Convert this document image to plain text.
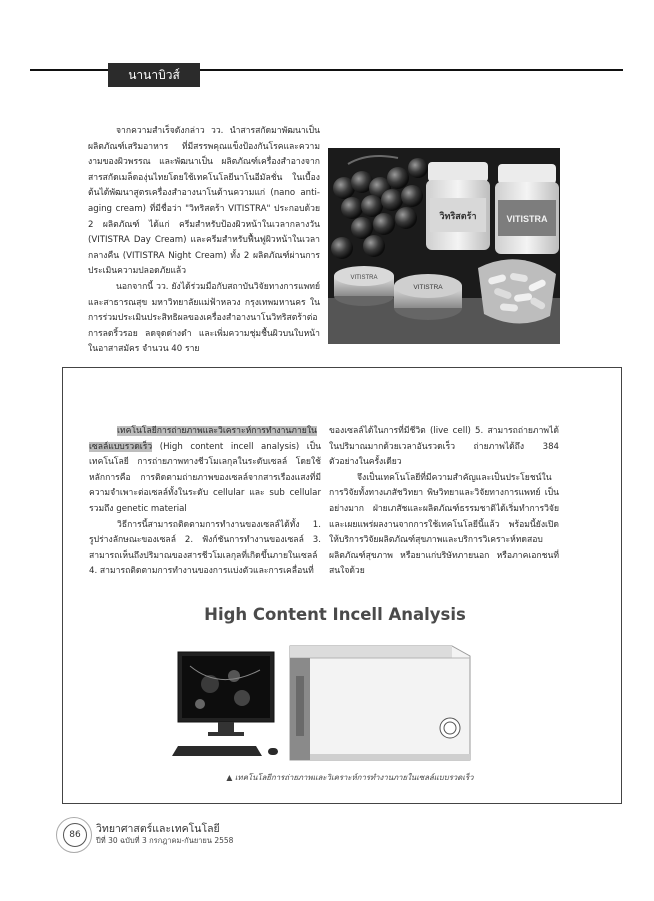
นานาบิวส์

จากความสำเร็จดังกล่าว วว. นำสารสกัดมาพัฒนาเป็นผลิตภัณฑ์เสริมอาหาร ที่มีสรรพคุณแข็งป้องกันโรคและความงามของผิวพรรณ และพัฒนาเป็น ผลิตภัณฑ์เครื่องสำอางจากสารสกัดเมล็ดองุ่นไทยโดยใช้เทคโนโลยีนาโนอีมัลชั่น ในเบื้องต้นได้พัฒนาสูตรเครื่องสำอางนาโนต้านความแก่ (nano anti-aging cream) ที่มีชื่อว่า "วิทริสตร้า VITISTRA" ประกอบด้วย 2 ผลิตภัณฑ์ ได้แก่ ครีมสำหรับป้องผิวหน้าในเวลากลางวัน (VITISTRA Day Cream) และครีมสำหรับฟื้นฟูผิวหน้าในเวลากลางคืน (VITISTRA Night Cream) ทั้ง 2 ผลิตภัณฑ์ผ่านการประเมินความปลอดภัยแล้ว

นอกจากนี้ วว. ยังได้ร่วมมือกับสถาบันวิจัยทางการแพทย์และสาธารณสุข มหาวิทยาลัยแม่ฟ้าหลวง กรุงเทพมหานคร ในการร่วมประเมินประสิทธิผลของเครื่องสำอางนาโนวิทริสตร้าต่อการลดริ้วรอย ลดจุดด่างดำ และเพิ่มความชุ่มชื้นผิวบนใบหน้าในอาสาสมัคร จำนวน 40 ราย

วิทริสตร้า	VITISTRA
VITISTRA
VITISTRA

เทคโนโลยีการถ่ายภาพและวิเคราะห์การทำงานภายในเซลล์แบบรวดเร็ว (High content incell analysis) เป็นเทคโนโลยี การถ่ายภาพทางชีวโมเลกุลในระดับเซลล์ โดยใช้หลักการคือ การติดตามถ่ายภาพของเซลล์จากสารเรืองแสงที่มีความจำเพาะต่อเซลล์ทั้งในระดับ cellular และ sub cellular รวมถึง genetic material

วิธีการนี้สามารถติดตามการทำงานของเซลล์ได้ทั้ง 1. รูปร่างลักษณะของเซลล์ 2. ฟังก์ชันการทำงานของเซลล์ 3. สามารถเห็นถึงปริมาณของสารชีวโมเลกุลที่เกิดขึ้นภายในเซลล์ 4. สามารถติดตามการทำงานของการแบ่งตัวและการเคลื่อนที่

ของเซลล์ได้ในการที่มีชีวิต (live cell) 5. สามารถถ่ายภาพได้ในปริมาณมากด้วยเวลาอันรวดเร็ว ถ่ายภาพได้ถึง 384 ตัวอย่างในครั้งเดียว

จึงเป็นเทคโนโลยีที่มีความสำคัญและเป็นประโยชน์ในการวิจัยทั้งทางเภสัชวิทยา พิษวิทยาและวิจัยทางการแพทย์ เป็นอย่างมาก ฝ่ายเภสัชและผลิตภัณฑ์ธรรมชาติได้เริ่มทำการวิจัยและเผยแพร่ผลงานจากการใช้เทคโนโลยีนี้แล้ว พร้อมนี้ยังเปิดให้บริการวิจัยผลิตภัณฑ์สุขภาพและบริการวิเคราะห์ทดสอบผลิตภัณฑ์สุขภาพ หรือยาแก่บริษัทภายนอก หรือภาคเอกชนที่สนใจด้วย

High Content Incell Analysis
▲ เทคโนโลยีการถ่ายภาพและวิเคราะห์การทำงานภายในเซลล์แบบรวดเร็ว
86	วิทยาศาสตร์และเทคโนโลยี
ปีที่ 30 ฉบับที่ 3 กรกฎาคม-กันยายน 2558
